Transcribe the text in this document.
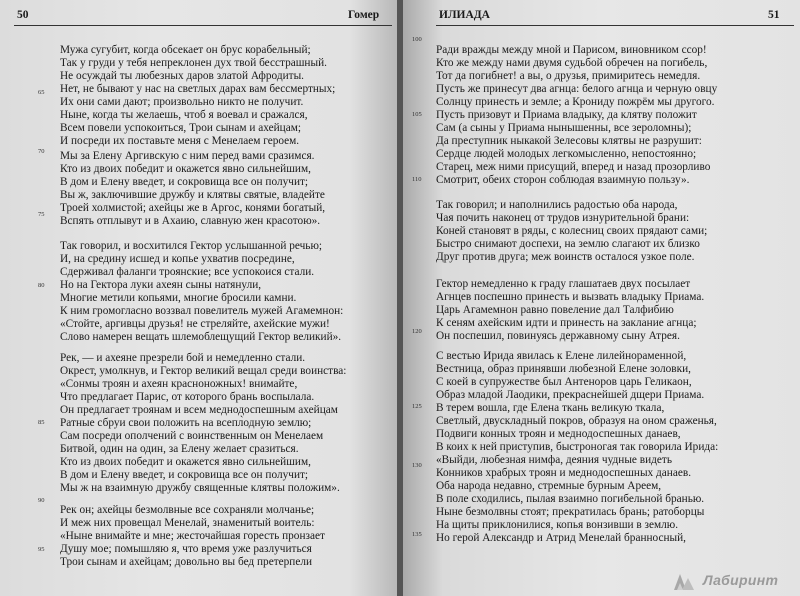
50	Гомер
Мужа сугубит, когда обсекает он брус корабельный;
Так у груди у тебя непреклонен дух твой бесстрашный.
Не осуждай ты любезных даров златой Афродиты.
Нет, не бывают у нас на светлых дарах вам бессмертных;
Их они сами дают; произвольно никто не получит.
Ныне, когда ты желаешь, чтоб я воевал и сражался,
Всем повели успокоиться, Трои сынам и ахейцам;
И посреди их поставьте меня с Менелаем героем.
Мы за Елену Аргивскую с ним перед вами сразимся.
Кто из двоих победит и окажется явно сильнейшим,
В дом и Елену введет, и сокровища все он получит;
Вы ж, заключившие дружбу и клятвы святые, владейте
Троей холмистой; ахейцы же в Аргос, конями богатый,
Вспять отплывут и в Ахаию, славную жен красотою».
Так говорил, и восхитился Гектор услышанной речью;
И, на средину исшед и копье ухватив посредине,
Сдерживал фаланги троянские; все успокоися стали.
Но на Гектора луки ахеян сыны натянули,
Многие метили копьями, многие бросили камни.
К ним громогласно воззвал повелитель мужей Агамемнон:
«Стойте, аргивцы друзья! не стреляйте, ахейские мужи!
Слово намерен вещать шлемоблещущий Гектор великий».
Рек, — и ахеяне презрели бой и немедленно стали.
Окрест, умолкнув, и Гектор великий вещал среди воинства:
«Сонмы троян и ахеян красноножных! внимайте,
Что предлагает Парис, от которого брань воспылала.
Он предлагает троянам и всем меднодоспешным ахейцам
Ратные сбруи свои положить на всепл̀одную землю;
Сам посреди ополчений с воинственным он Менелаем
Битвой, один на один, за Елену желает сразиться.
Кто из двоих победит и окажется явно сильнейшим,
В дом и Елену введет, и сокровища все он получит;
Мы ж на взаимную дружбу священные клятвы положим».
Рек он; ахейцы безмолвные все сохраняли молчанье;
И меж них провещал Менелай, знаменитый воитель:
«Ныне внимайте и мне; жесточайшая горесть пронзает
Душу мое; помышляю я, что время уже разлучиться
Трои сынам и ахейцам; довольно вы бед претерпели
65
70
75
80
85
90
95
ИЛИАДА	51
Ради вражды между мной и Парисом, виновником ссор!
Кто же между нами двумя судьбой обречен на погибель,
Тот да погибнет! а вы, о друзья, примиритесь немедля.
Пусть же принесут два агнца: белого агнца и черную овцу
Солнцу принесть и земле; а Крониду пожрём мы другого.
Пусть призовут и Приама владыку, да клятву положит
Сам (а сыны у Приама нынышенны, все зероломны);
Да преступник ныкакой Зелесовы клятвы не разрушит:
Сердце людей молодых легкомысленно, непостоянно;
Старец, меж ними присущий, вперед и назад прозорливо
Смотрит, обеих сторон соблюдая взаимную пользу».
Так говорил; и наполнились радостью оба народа,
Чая почить наконец от трудов изнурительной брани:
Коней становят в ряды, с колесниц своих прядают сами;
Быстро снимают доспехи, на землю слагают их близко
Друг против друга; меж воинств осталося узкое поле.
Гектор немедленно к граду глашатаев двух посылает
Агнцев поспешно принесть и вызвать владыку Приама.
Царь Агамемнон равно повеление дал Талфибию
К сеням ахейским идти и принесть на заклание агнца;
Он поспешил, повинуясь державному сыну Атрея.
С вестью Ирида явилась к Елене лилейнораменной,
Вестница, образ принявши любезной Елене золовки,
С коей в супружестве был Антеноров царь Геликаон,
Образ младой Лаодики, прекраснейшей дщери Приама.
В терем вошла, где Елена ткань великую ткала,
Светлый, двускладный покров, образуя на оном сраженья,
Подвиги конных троян и меднодоспешных данаев,
В коих к ней приступив, быстроногая так говорила Ирида:
«Выйди, любезная нимфа, деяния чудные видеть
Конников храбрых троян и меднодоспешных данаев.
Оба народа недавно, стремные бурным Ареем,
В поле сходились, пылая взаимно погибельной бранью.
Ныне безмолвны стоят; прекратилась брань; ратоборцы
На щиты приклонилися, копья вонзивши в землю.
Но герой Александр и Атрид Менелай бранносный,
100
105
110
120
125
130
135
Лабиринт
